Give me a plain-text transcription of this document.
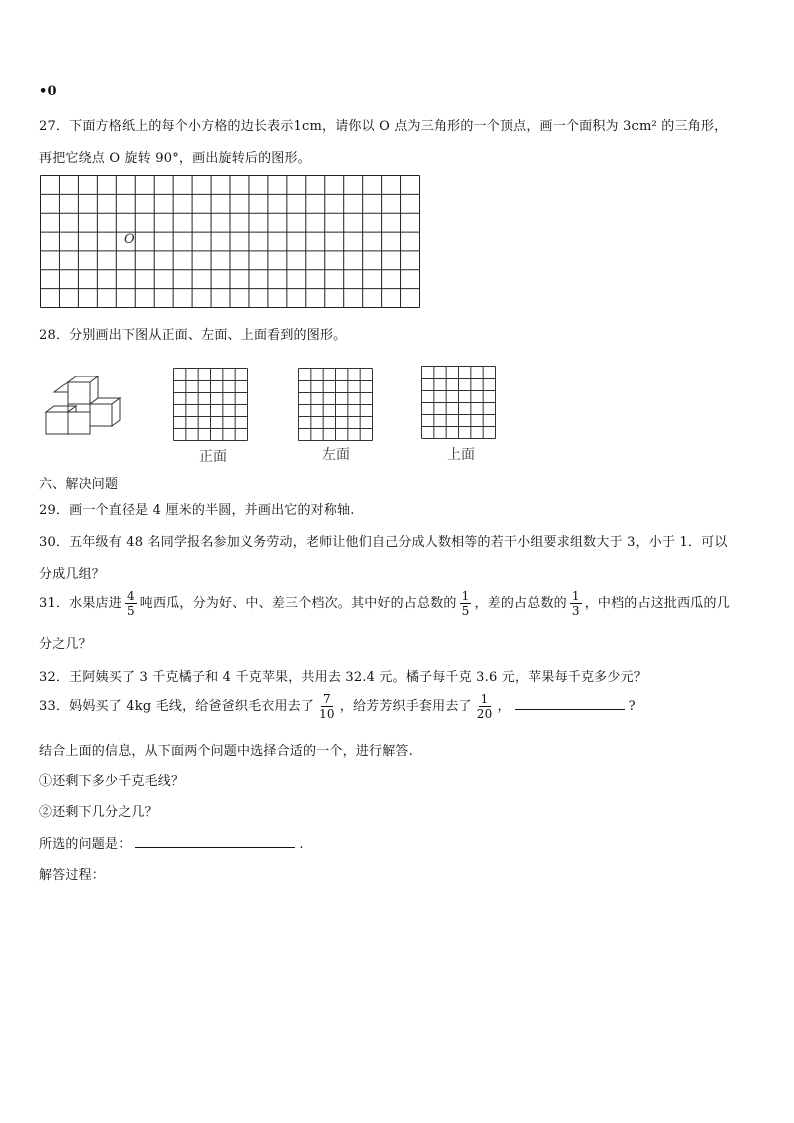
•0
27．下面方格纸上的每个小方格的边长表示1cm，请你以 O 点为三角形的一个顶点，画一个面积为 3cm² 的三角形，
再把它绕点 O 旋转 90°，画出旋转后的图形。
O
28．分别画出下图从正面、左面、上面看到的图形。
正面	左面	上面
六、解决问题
29．画一个直径是 4 厘米的半圆，并画出它的对称轴.
30．五年级有 48 名同学报名参加义务劳动，老师让他们自己分成人数相等的若干小组要求组数大于 3，小于 1．可以
分成几组？
31．水果店进 $\frac{4}{5}$ 吨西瓜，分为好、中、差三个档次。其中好的占总数的 $\frac{1}{5}$ ，差的占总数的 $\frac{1}{3}$ ，中档的占这批西瓜的几
分之几？
32．王阿姨买了 3 千克橘子和 4 千克苹果，共用去 32.4 元。橘子每千克 3.6 元，苹果每千克多少元？
33．妈妈买了 4kg 毛线，给爸爸织毛衣用去了 $\frac{7}{10}$ ，给芳芳织手套用去了 $\frac{1}{20}$ ，	?
结合上面的信息，从下面两个问题中选择合适的一个，进行解答.
①还剩下多少千克毛线？
②还剩下几分之几？
所选的问题是：	.
解答过程：
